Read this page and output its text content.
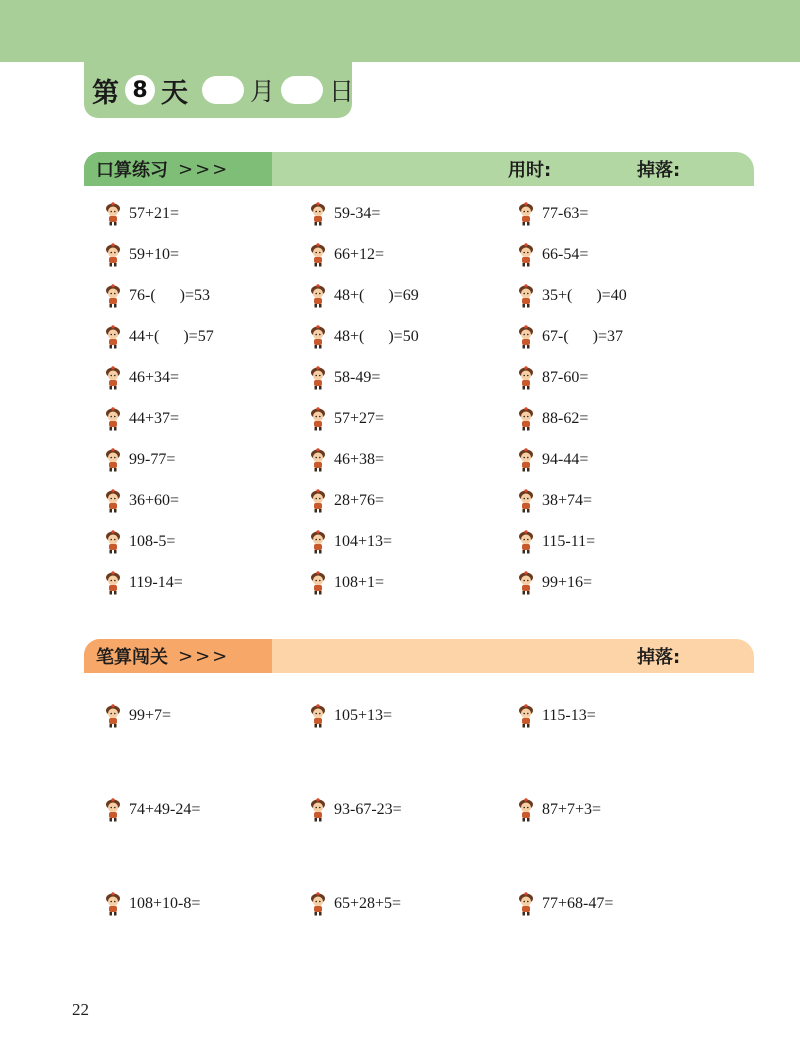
第 8 天 月 日
口算练习 >>>	用时:	掉落:
笔算闯关 >>>	掉落:
57+21=	59-34=	77-63=
59+10=	66+12=	66-54=
76-(      )=53	48+(      )=69	35+(      )=40
44+(      )=57	48+(      )=50	67-(      )=37
46+34=	58-49=	87-60=
44+37=	57+27=	88-62=
99-77=	46+38=	94-44=
36+60=	28+76=	38+74=
108-5=	104+13=	115-11=
119-14=	108+1=	99+16=
99+7=	105+13=	115-13=
74+49-24=	93-67-23=	87+7+3=
108+10-8=	65+28+5=	77+68-47=
22
